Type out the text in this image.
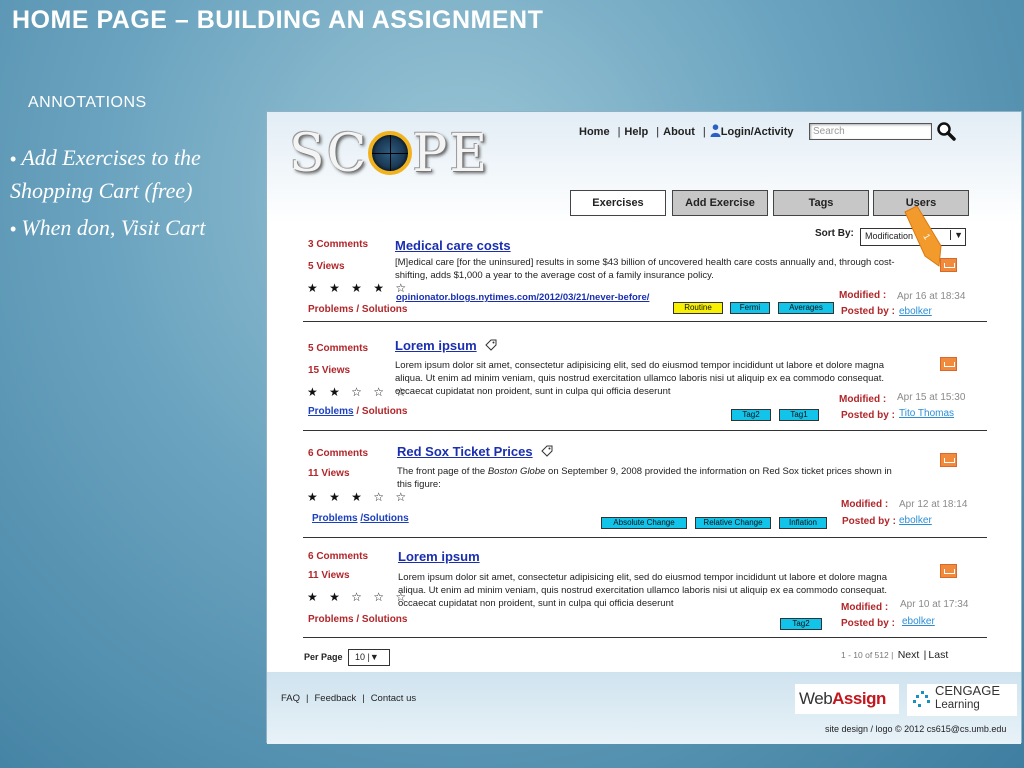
HOME PAGE – BUILDING AN ASSIGNMENT
ANNOTATIONS
• Add Exercises to the Shopping Cart (free)
• When don, Visit Cart
SC PE	Home | Help | About | Login/Activity	Search
Exercises	Add Exercise	Tags	Users
Sort By:	Modification	▼
3 Comments
5 Views
★ ★ ★ ★ ☆
Problems / Solutions
Medical care costs
[M]edical care [for the uninsured] results in some $43 billion of uncovered health care costs annually and, through cost-shifting, adds $1,000 a year to the average cost of a family insurance policy.
opinionator.blogs.nytimes.com/2012/03/21/never-before/
Routine	Fermi	Averages
Modified : Apr 16 at 18:34
Posted by : ebolker
5 Comments
15 Views
★ ★ ☆ ☆ ☆
Problems / Solutions
Lorem ipsum
Lorem ipsum dolor sit amet, consectetur adipisicing elit, sed do eiusmod tempor incididunt ut labore et dolore magna aliqua. Ut enim ad minim veniam, quis nostrud exercitation ullamco laboris nisi ut aliquip ex ea commodo consequat. occaecat cupidatat non proident, sunt in culpa qui officia deserunt
Tag2	Tag1
Modified : Apr 15 at 15:30
Posted by : Tito Thomas
6 Comments
11 Views
★ ★ ★ ☆ ☆
Problems /Solutions
Red Sox Ticket Prices
The front page of the Boston Globe on September 9, 2008 provided the information on Red Sox ticket prices shown in this figure:
Absolute Change	Relative Change	Inflation
Modified : Apr 12 at 18:14
Posted by : ebolker
6 Comments
11 Views
★ ★ ☆ ☆ ☆
Problems / Solutions
Lorem ipsum
Lorem ipsum dolor sit amet, consectetur adipisicing elit, sed do eiusmod tempor incididunt ut labore et dolore magna aliqua. Ut enim ad minim veniam, quis nostrud exercitation ullamco laboris nisi ut aliquip ex ea commodo consequat. occaecat cupidatat non proident, sunt in culpa qui officia deserunt
Tag2
Modified : Apr 10 at 17:34
Posted by : ebolker
Per Page	10 |▼	1 - 10 of 512 | Next | Last
FAQ | Feedback | Contact us	WebAssign	CENGAGE
Learning
site design / logo © 2012 cs615@cs.umb.edu
1
